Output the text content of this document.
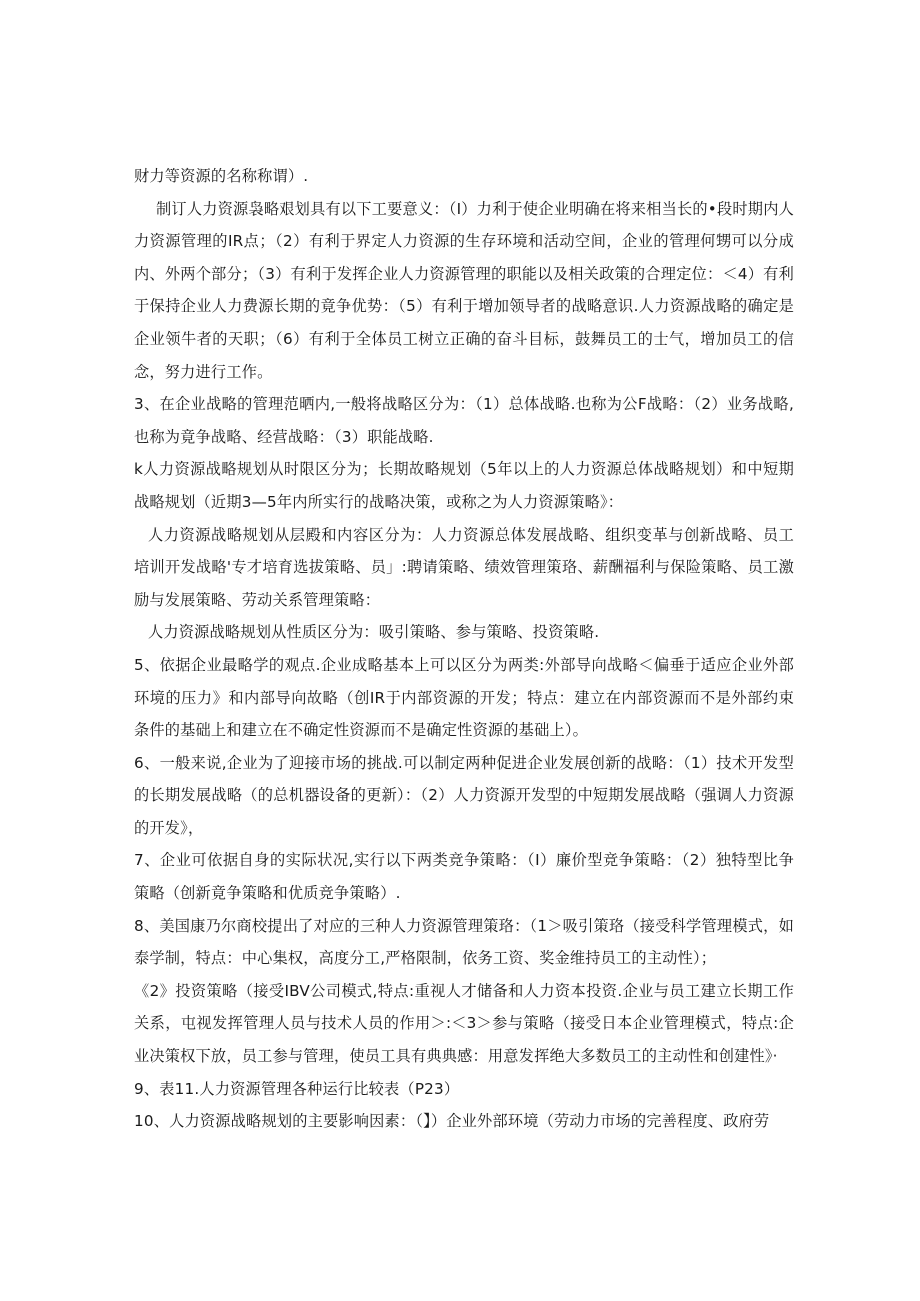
财力等资源的名称称谓）.

制订人力资源袅略艰划具有以下工要意义：（I）力利于使企业明确在将来相当长的•段时期内人力资源管理的IR点；（2）有利于界定人力资源的生存环境和活动空间，企业的管理何甥可以分成内、外两个部分；（3）有利于发挥企业人力资源管理的职能以及相关政策的合理定位：＜4）有利于保持企业人力费源长期的竟争优势：（5）有利于增加领导者的战略意识.人力资源战略的确定是企业领牛者的天职；（6）有利于全体员工树立正确的奋斗目标，鼓舞员工的士气，增加员工的信念，努力进行工作。

3、在企业战略的管理范晒内,一般将战略区分为：（1）总体战略.也称为公F战略：（2）业务战略,也称为竟争战略、经营战略：（3）职能战略.

k人力资源战略规划从时限区分为；长期故略规划（5年以上的人力资源总体战略规划）和中短期战略规划（近期3—5年内所实行的战略决策，或称之为人力资源策略》：

人力资源战略规划从层殿和内容区分为：人力资源总体发展战略、组织变革与创新战略、员工培训开发战略'专才培育选拔策略、员」:聘请策略、绩效管理策珞、薪酬福利与保险策略、员工激励与发展策略、劳动关系管理策略：

人力资源战略规划从性质区分为：吸引策略、参与策略、投资策略.

5、依据企业最略学的观点.企业成略基本上可以区分为两类:外部导向战略＜偏垂于适应企业外部环境的压力》和内部导向故略（创IR于内部资源的开发；特点：建立在内部资源而不是外部约束条件的基础上和建立在不确定性资源而不是确定性资源的基础上）。

6、一般来说,企业为了迎接市场的挑战.可以制定两种促进企业发展创新的战略：（1）技术开发型的长期发展战略（的总机器设备的更新）：（2）人力资源开发型的中短期发展战略（强调人力资源的开发》，

7、企业可依据自身的实际状况,实行以下两类竞争策略：（I）廉价型竞争策略：（2）独特型比争策略（创新竟争策略和优质竞争策略）.

8、美国康乃尔商校提出了对应的三种人力资源管理策珞：（1＞吸引策珞（接受科学管理模式，如泰学制，特点：中心集权，高度分工,严格限制，依务工资、奖金维持员工的主动性）；

《2》投资策略（接受IBV公司模式,特点:重视人才储备和人力资本投资.企业与员工建立长期工作关系，屯视发挥管理人员与技术人员的作用＞:＜3＞参与策略（接受日本企业管理模式，特点:企业决策权下放，员工参与管理，使员工具有典典感：用意发挥绝大多数员工的主动性和创建性》·

9、表11.人力资源管理各种运行比较表（P23）

10、人力资源战略规划的主要影响因素：（】）企业外部环境（劳动力市场的完善程度、政府劳
